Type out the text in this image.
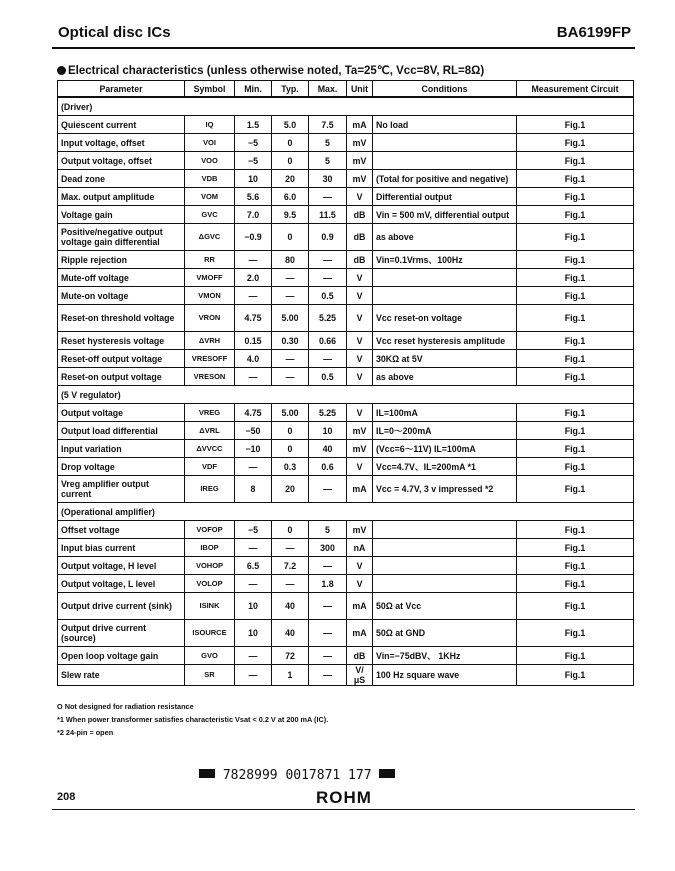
Optical disc ICs	BA6199FP
Electrical characteristics (unless otherwise noted, Ta=25℃, Vcc=8V, RL=8Ω)
Parameter	Symbol	Min.	Typ.	Max.	Unit	Conditions	Measurement Circuit
(Driver)							
Quiescent current	IQ	1.5	5.0	7.5	mA	No load	Fig.1
Input voltage, offset	VOI	−5	0	5	mV		Fig.1
Output voltage, offset	VOO	−5	0	5	mV		Fig.1
Dead zone	VDB	10	20	30	mV	(Total for positive and negative)	Fig.1
Max. output amplitude	VOM	5.6	6.0	—	V	Differential output	Fig.1
Voltage gain	GVC	7.0	9.5	11.5	dB	Vin = 500 mV, differential output	Fig.1
Positive/negative output voltage gain differential	ΔGVC	−0.9	0	0.9	dB	as above	Fig.1
Ripple rejection	RR	—	80	—	dB	Vin=0.1Vrms、100Hz	Fig.1
Mute-off voltage	VMOFF	2.0	—	—	V		Fig.1
Mute-on voltage	VMON	—	—	0.5	V		Fig.1
Reset-on threshold voltage	VRON	4.75	5.00	5.25	V	Vcc reset-on voltage	Fig.1
Reset hysteresis voltage	ΔVRH	0.15	0.30	0.66	V	Vcc reset hysteresis amplitude	Fig.1
Reset-off output voltage	VRESOFF	4.0	—	—	V	30KΩ at 5V	Fig.1
Reset-on output voltage	VRESON	—	—	0.5	V	as above	Fig.1
(5 V regulator)							
Output voltage	VREG	4.75	5.00	5.25	V	IL=100mA	Fig.1
Output load differential	ΔVRL	−50	0	10	mV	IL=0～200mA	Fig.1
Input variation	ΔVVCC	−10	0	40	mV	(Vcc=6～11V) IL=100mA	Fig.1
Drop voltage	VDF	—	0.3	0.6	V	Vcc=4.7V、IL=200mA *1	Fig.1
Vreg amplifier output current	IREG	8	20	—	mA	Vcc = 4.7V, 3 v impressed *2	Fig.1
(Operational amplifier)							
Offset voltage	VOFOP	−5	0	5	mV		Fig.1
Input bias current	IBOP	—	—	300	nA		Fig.1
Output voltage, H level	VOHOP	6.5	7.2	—	V		Fig.1
Output voltage, L level	VOLOP	—	—	1.8	V		Fig.1
Output drive current (sink)	ISINK	10	40	—	mA	50Ω at Vcc	Fig.1
Output drive current (source)	ISOURCE	10	40	—	mA	50Ω at GND	Fig.1
Open loop voltage gain	GVO	—	72	—	dB	Vin=−75dBV、 1KHz	Fig.1
Slew rate	SR	—	1	—	V/μS	100 Hz square wave	Fig.1
O Not designed for radiation resistance
*1 When power transformer satisfies characteristic Vsat < 0.2 V at 200 mA (IC).
*2 24-pin = open
7828999 0017871 177
208	ROHM
